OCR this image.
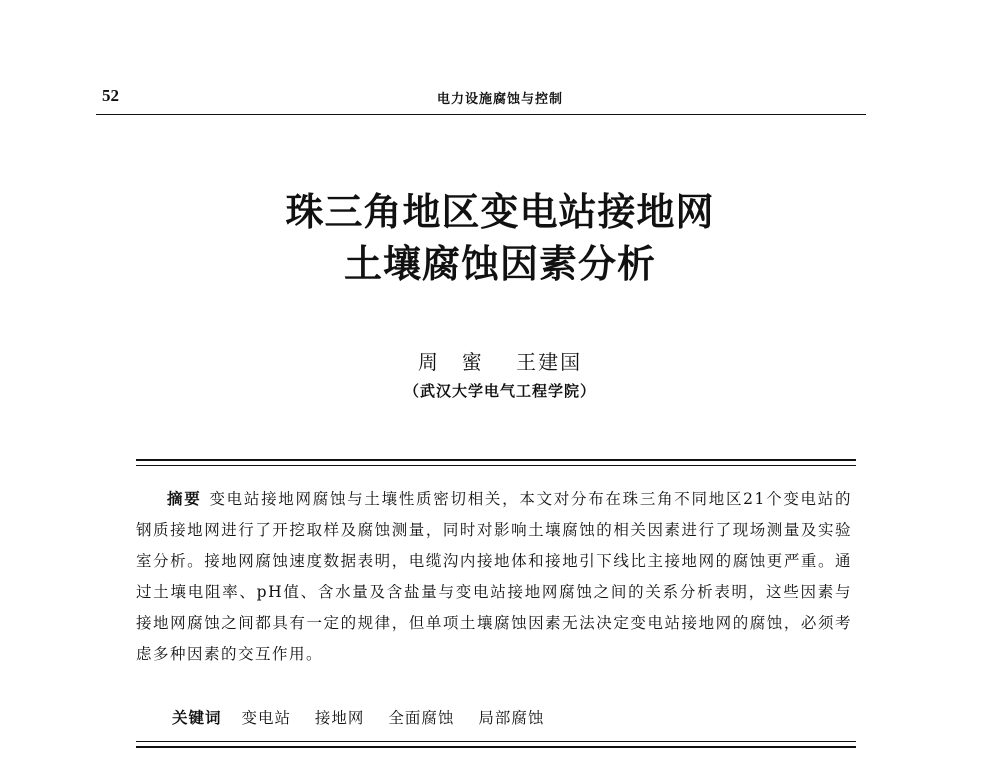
52	电力设施腐蚀与控制
珠三角地区变电站接地网
土壤腐蚀因素分析
周　蜜 王建国
（武汉大学电气工程学院）
摘要 变电站接地网腐蚀与土壤性质密切相关，本文对分布在珠三角不同地区21个变电站的钢质接地网进行了开挖取样及腐蚀测量，同时对影响土壤腐蚀的相关因素进行了现场测量及实验室分析。接地网腐蚀速度数据表明，电缆沟内接地体和接地引下线比主接地网的腐蚀更严重。通过土壤电阻率、pH值、含水量及含盐量与变电站接地网腐蚀之间的关系分析表明，这些因素与接地网腐蚀之间都具有一定的规律，但单项土壤腐蚀因素无法决定变电站接地网的腐蚀，必须考虑多种因素的交互作用。
关键词 变电站 接地网 全面腐蚀 局部腐蚀
